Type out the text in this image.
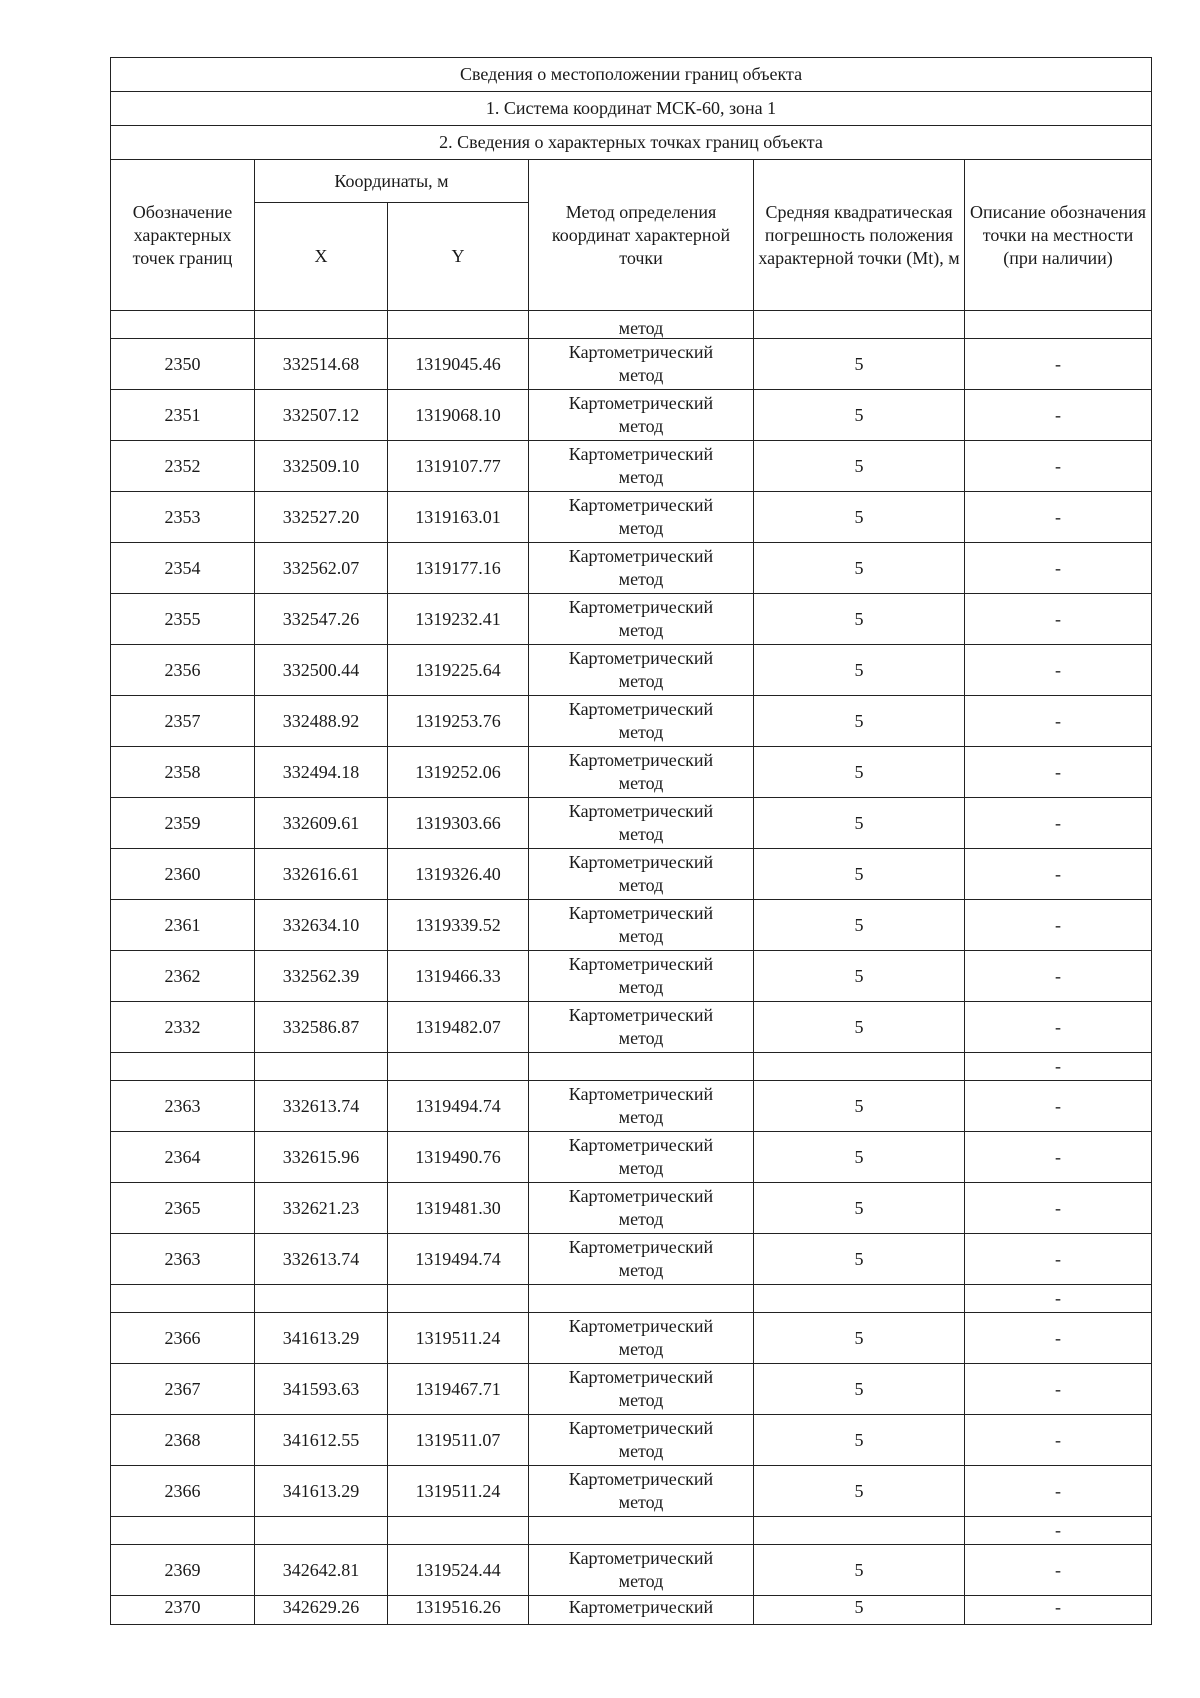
Сведения о местоположении границ объекта					
1. Система координат МСК-60, зона 1					
2. Сведения о характерных точках границ объекта					
Обозначение характерных точек границ	Координаты, м		Метод определения координат характерной точки	Средняя квадратическая погрешность положения характерной точки (Mt), м	Описание обозначения точки на местности (при наличии)
	X	Y			
			метод		
2350	332514.68	1319045.46	Картометрический
метод	5	-
2351	332507.12	1319068.10	Картометрический
метод	5	-
2352	332509.10	1319107.77	Картометрический
метод	5	-
2353	332527.20	1319163.01	Картометрический
метод	5	-
2354	332562.07	1319177.16	Картометрический
метод	5	-
2355	332547.26	1319232.41	Картометрический
метод	5	-
2356	332500.44	1319225.64	Картометрический
метод	5	-
2357	332488.92	1319253.76	Картометрический
метод	5	-
2358	332494.18	1319252.06	Картометрический
метод	5	-
2359	332609.61	1319303.66	Картометрический
метод	5	-
2360	332616.61	1319326.40	Картометрический
метод	5	-
2361	332634.10	1319339.52	Картометрический
метод	5	-
2362	332562.39	1319466.33	Картометрический
метод	5	-
2332	332586.87	1319482.07	Картометрический
метод	5	-
					-
2363	332613.74	1319494.74	Картометрический
метод	5	-
2364	332615.96	1319490.76	Картометрический
метод	5	-
2365	332621.23	1319481.30	Картометрический
метод	5	-
2363	332613.74	1319494.74	Картометрический
метод	5	-
					-
2366	341613.29	1319511.24	Картометрический
метод	5	-
2367	341593.63	1319467.71	Картометрический
метод	5	-
2368	341612.55	1319511.07	Картометрический
метод	5	-
2366	341613.29	1319511.24	Картометрический
метод	5	-
					-
2369	342642.81	1319524.44	Картометрический
метод	5	-
2370	342629.26	1319516.26	Картометрический	5	-
